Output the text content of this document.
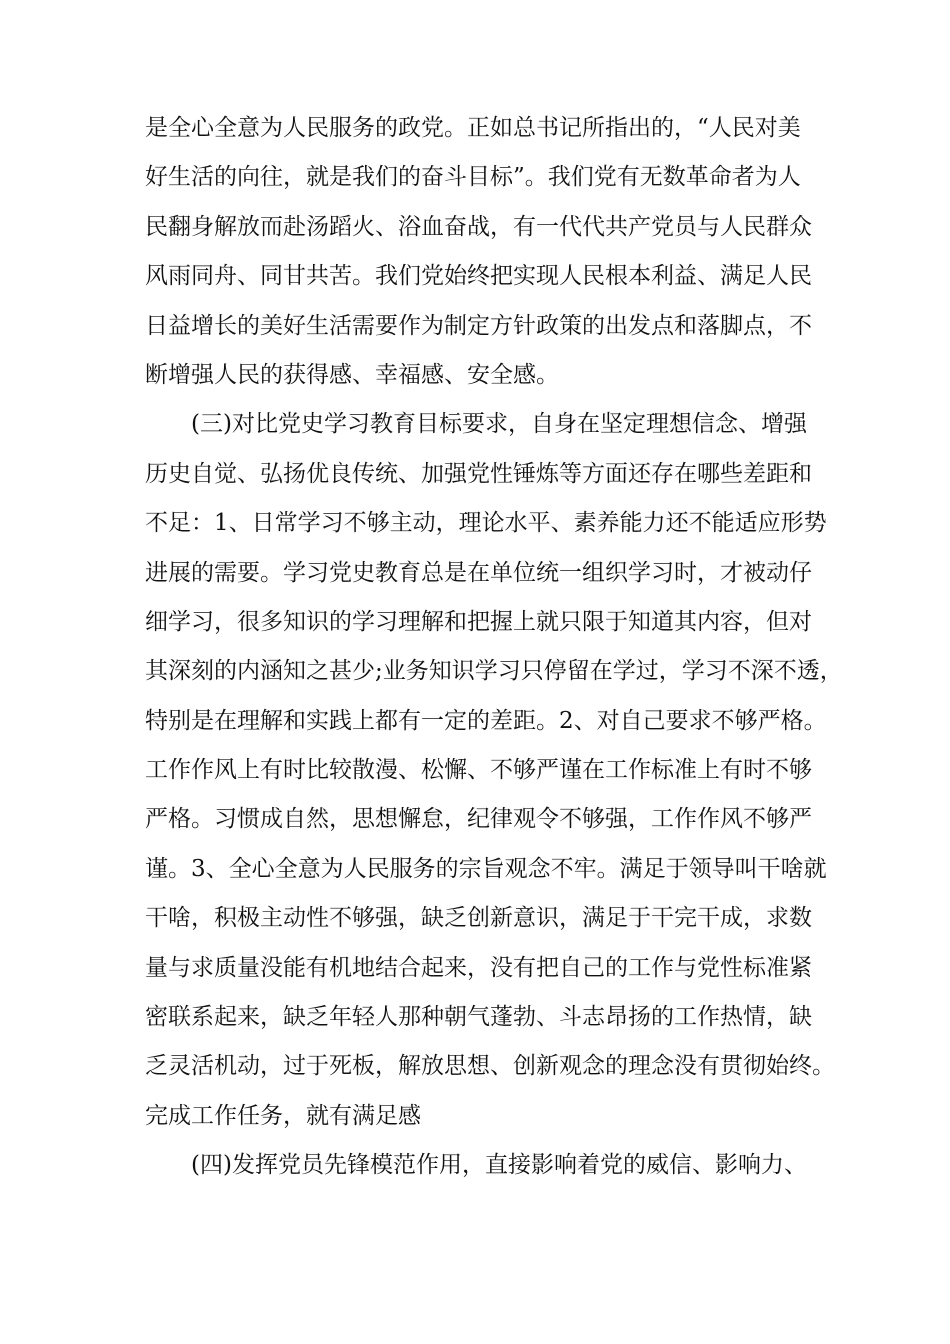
是全心全意为人民服务的政党。正如总书记所指出的，“人民对美
好生活的向往，就是我们的奋斗目标”。我们党有无数革命者为人
民翻身解放而赴汤蹈火、浴血奋战，有一代代共产党员与人民群众
风雨同舟、同甘共苦。我们党始终把实现人民根本利益、满足人民
日益增长的美好生活需要作为制定方针政策的出发点和落脚点，不
断增强人民的获得感、幸福感、安全感。
(三)对比党史学习教育目标要求，自身在坚定理想信念、增强
历史自觉、弘扬优良传统、加强党性锤炼等方面还存在哪些差距和
不足：1、日常学习不够主动，理论水平、素养能力还不能适应形势
进展的需要。学习党史教育总是在单位统一组织学习时，才被动仔
细学习，很多知识的学习理解和把握上就只限于知道其内容，但对
其深刻的内涵知之甚少;业务知识学习只停留在学过，学习不深不透，
特别是在理解和实践上都有一定的差距。2、对自己要求不够严格。
工作作风上有时比较散漫、松懈、不够严谨在工作标准上有时不够
严格。习惯成自然，思想懈怠，纪律观令不够强，工作作风不够严
谨。3、全心全意为人民服务的宗旨观念不牢。满足于领导叫干啥就
干啥，积极主动性不够强，缺乏创新意识，满足于干完干成，求数
量与求质量没能有机地结合起来，没有把自己的工作与党性标准紧
密联系起来，缺乏年轻人那种朝气蓬勃、斗志昂扬的工作热情，缺
乏灵活机动，过于死板，解放思想、创新观念的理念没有贯彻始终。
完成工作任务，就有满足感
(四)发挥党员先锋模范作用，直接影响着党的威信、影响力、
